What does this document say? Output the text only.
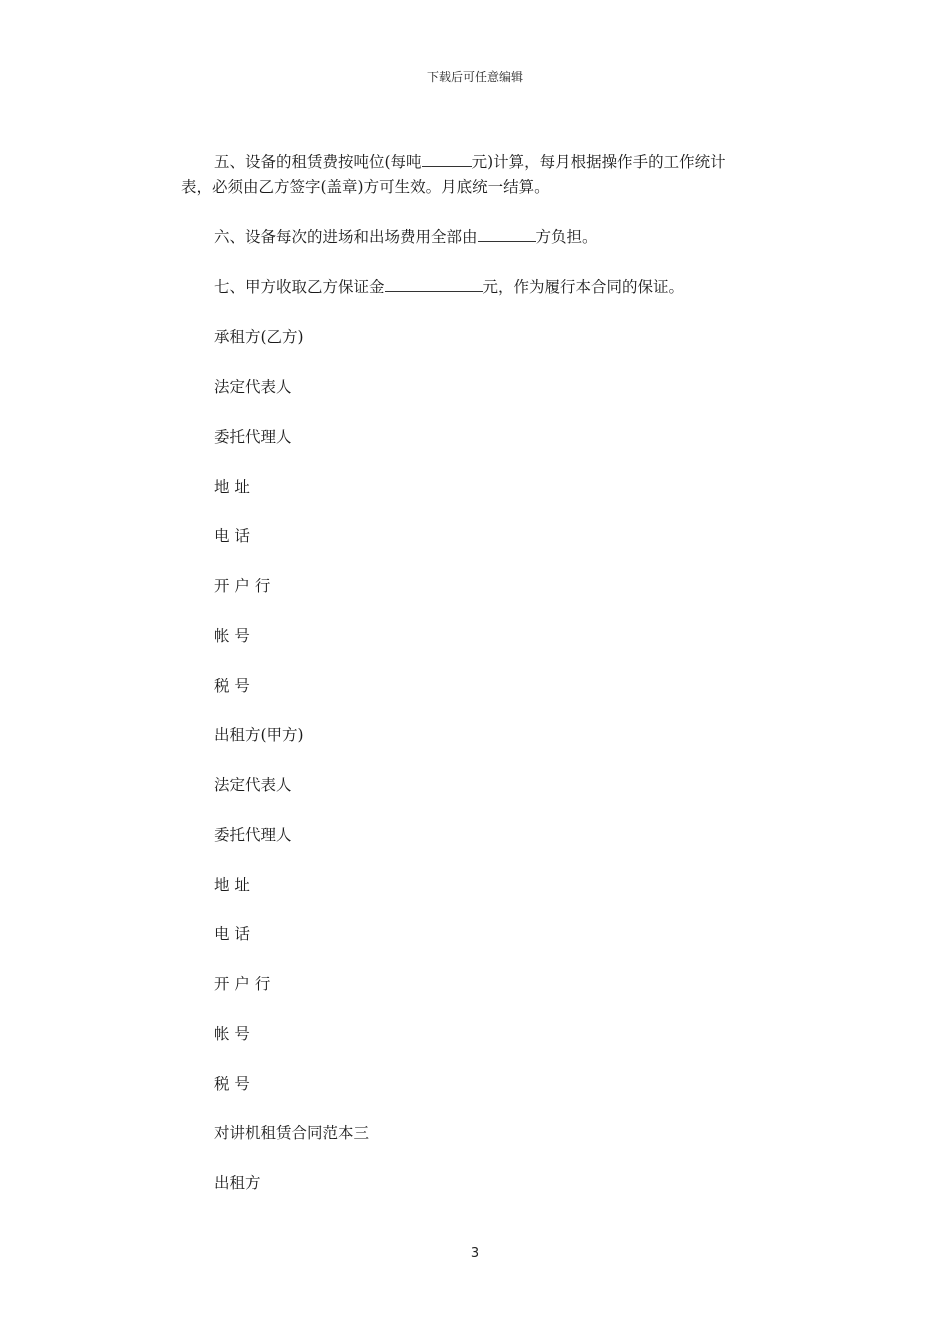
下载后可任意编辑
五、设备的租赁费按吨位(每吨	元)计算，每月根据操作手的工作统计
表，必须由乙方签字(盖章)方可生效。月底统一结算。
六、设备每次的进场和出场费用全部由	方负担。
七、甲方收取乙方保证金	元，作为履行本合同的保证。
承租方(乙方)
法定代表人
委托代理人
地 址
电 话
开 户 行
帐 号
税 号
出租方(甲方)
法定代表人
委托代理人
地 址
电 话
开 户 行
帐 号
税 号
对讲机租赁合同范本三
出租方
3
